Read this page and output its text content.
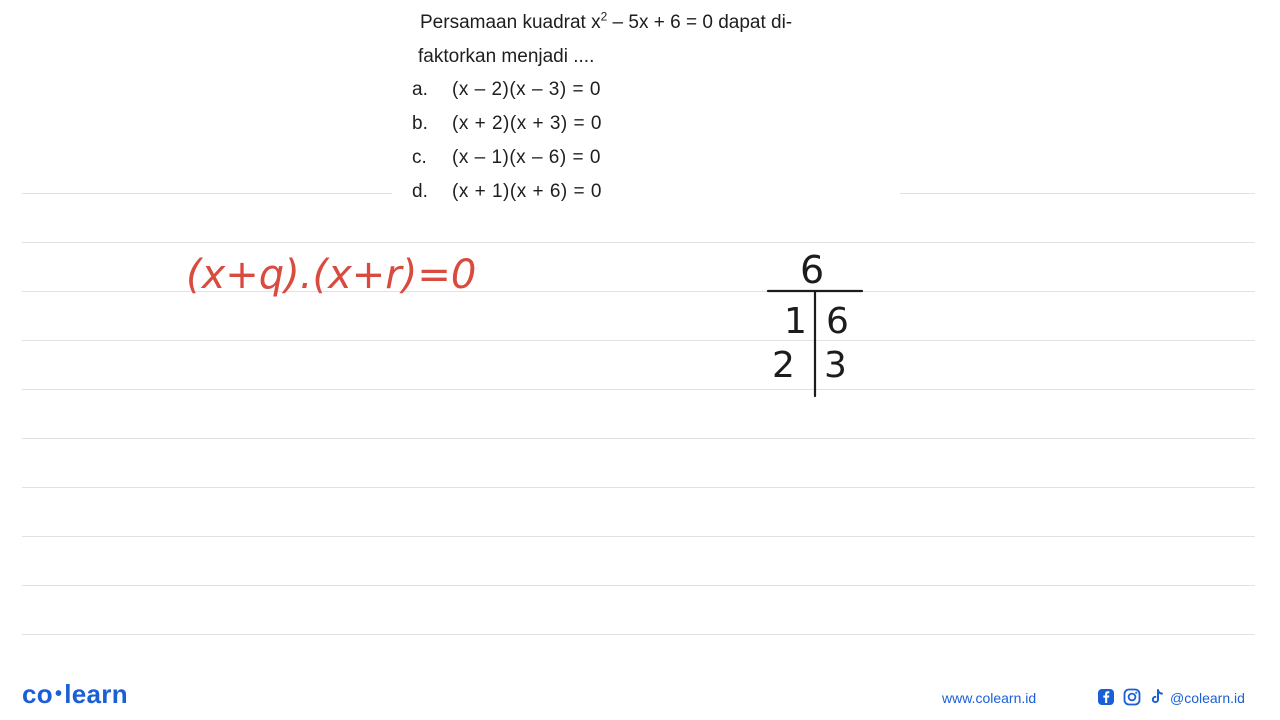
Persamaan kuadrat $x^2 - 5x + 6 = 0$ dapat di-
faktorkan menjadi ....
a. (x – 2)(x – 3) = 0
b. (x + 2)(x + 3) = 0
c. (x – 1)(x – 6) = 0
d. (x + 1)(x + 6) = 0
(x+q).(x+r)=0	6
1 6
2 3
co •learn	www.colearn.id	@colearn.id
